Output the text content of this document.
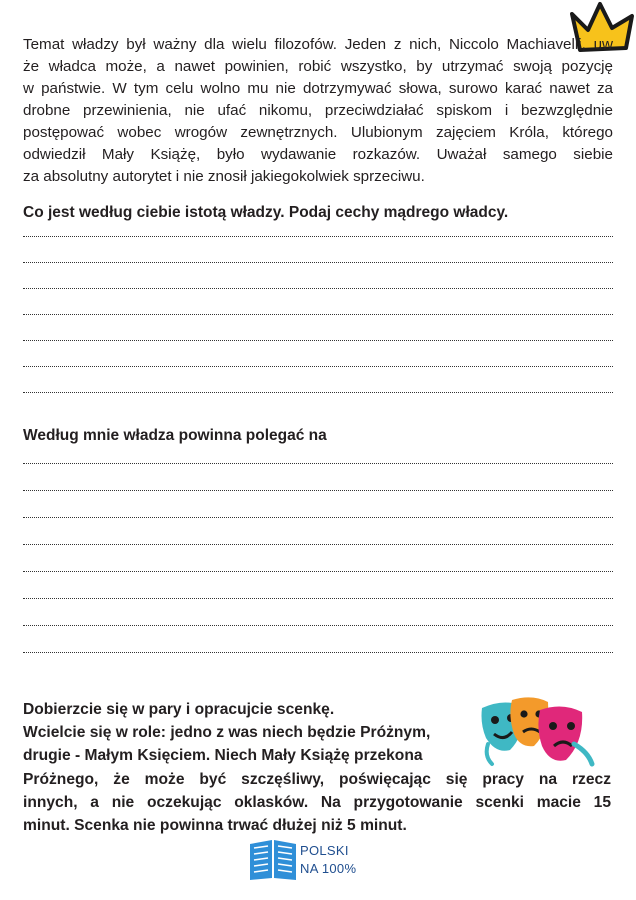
Temat władzy był ważny dla wielu filozofów. Jeden z nich, Niccolo Machiavelli, uw
że władca może, a nawet powinien, robić wszystko, by utrzymać swoją pozycję
w państwie. W tym celu wolno mu nie dotrzymywać słowa, surowo karać nawet za
drobne przewinienia, nie ufać nikomu, przeciwdziałać spiskom i bezwzględnie
postępować wobec wrogów zewnętrznych. Ulubionym zajęciem Króla, którego
odwiedził Mały Książę, było wydawanie rozkazów. Uważał samego siebie
za absolutny autorytet i nie znosił jakiegokolwiek sprzeciwu.

Co jest według ciebie istotą władzy. Podaj cechy mądrego władcy.

Według mnie władza powinna polegać na

Dobierzcie się w pary i opracujcie scenkę.
Wcielcie się w role: jedno z was niech będzie Próżnym,
drugie - Małym Księciem. Niech Mały Książę przekona
Próżnego, że może być szczęśliwy, poświęcając się pracy na rzecz
innych, a nie oczekując oklasków. Na przygotowanie scenki macie 15
minut. Scenka nie powinna trwać dłużej niż 5 minut.

POLSKI
NA 100%
